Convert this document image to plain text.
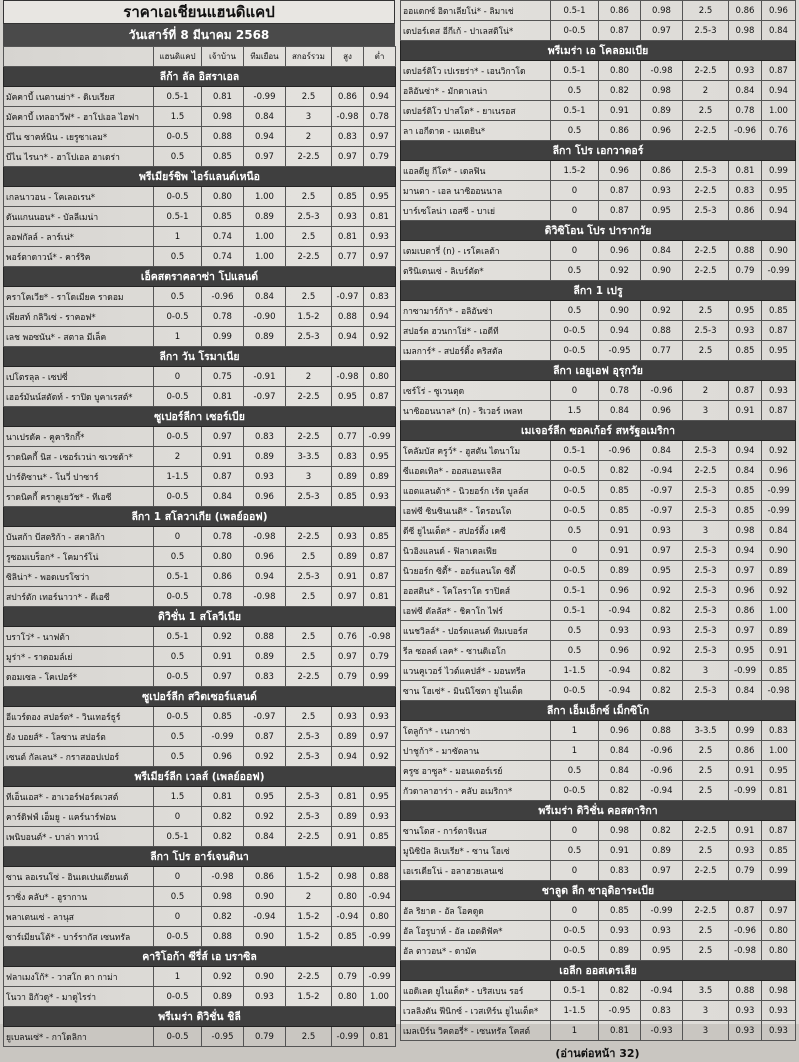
ราคาเอเชียนแฮนดิแคป
วันเสาร์ที่ 8 มีนาคม 2568
	แฮนดิแคป	เจ้าบ้าน	ทีมเยือน	สกอร์รวม	สูง	ต่ำ
ลีก้า ลัล อิสราเอล						
มัคคาบี้ เนตานย่า* - ดิเบเรียส	0.5-1	0.81	-0.99	2.5	0.86	0.94
มัคคาบี้ เทลอาวีฟ* - ฮาโปเอล ไฮฟา	1.5	0.98	0.84	3	-0.98	0.78
บีไน ซาคห์นิน - เยรูซาเลม*	0-0.5	0.88	0.94	2	0.83	0.97
บีไน ไรนา* - ฮาโปเอล ฮาเดร่า	0.5	0.85	0.97	2-2.5	0.97	0.79
พรีเมียร์ชิพ ไอร์แลนด์เหนือ						
เกลนาวอน - โคเลอเรน*	0-0.5	0.80	1.00	2.5	0.85	0.95
ดันแกนนอน* - บัลลีเมน่า	0.5-1	0.85	0.89	2.5-3	0.93	0.81
ลอฟกัลล์ - ลาร์เน่*	1	0.74	1.00	2.5	0.81	0.93
พอร์ตาดาวน์* - คาร์ริค	0.5	0.74	1.00	2-2.5	0.77	0.97
เอ็คสตราคลาซ่า โปแลนด์						
คราโคเวีย* - ราโดเมียค ราดอม	0.5	-0.96	0.84	2.5	-0.97	0.83
เพียสท์ กลิวิเซ่ - ราคอฟ*	0-0.5	0.78	-0.90	1.5-2	0.88	0.94
เลช พอซนัน* - สตาล มีเล็ค	1	0.99	0.89	2.5-3	0.94	0.92
ลีกา วัน โรมาเนีย						
เปโตรลุล - เซปซี่	0	0.75	-0.91	2	-0.98	0.80
เฮอร์มันน์สตัดท์ - ราปิด บูคาเรสต์*	0-0.5	0.81	-0.97	2-2.5	0.95	0.87
ซูเปอร์ลีกา เซอร์เบีย						
นาเปรดัค - คูคาริกกี้*	0-0.5	0.97	0.83	2-2.5	0.77	-0.99
ราดนิคกี้ นิส - เซอร์เวน่า ซเวซด้า*	2	0.91	0.89	3-3.5	0.83	0.95
ปาร์ติซาน* - โนวี่ ปาซาร์	1-1.5	0.87	0.93	3	0.89	0.89
ราดนิคกี้ คราคูเยวัช* - ทีเอซี	0-0.5	0.84	0.96	2.5-3	0.85	0.93
ลีกา 1 สโลวาเกีย (เพลย์ออฟ)						
บันสก้า บีสตริก้า - สคาลิก้า	0	0.78	-0.98	2-2.5	0.93	0.85
รูซอมเบร็อก* - โคมาร์โน่	0.5	0.80	0.96	2.5	0.89	0.87
ซิลิน่า* - พอดเบรโซว่า	0.5-1	0.86	0.94	2.5-3	0.91	0.87
สปาร์ตัก เทอร์นาวา* - ดีเอซี	0-0.5	0.78	-0.98	2.5	0.97	0.81
ดิวิชั่น 1 สโลวีเนีย						
บราโว่* - นาฟต้า	0.5-1	0.92	0.88	2.5	0.76	-0.98
มูร่า* - ราดอมล์เย่	0.5	0.91	0.89	2.5	0.97	0.79
ดอมเซล - โคเปอร์*	0-0.5	0.97	0.83	2-2.5	0.79	0.99
ซูเปอร์ลีก สวิตเซอร์แลนด์						
อีแวร์ดอง สปอร์ต* - วินเทอร์ธูร์	0-0.5	0.85	-0.97	2.5	0.93	0.93
ยัง บอยส์* - โลซาน สปอร์ต	0.5	-0.99	0.87	2.5-3	0.89	0.97
เซนต์ กัลเลน* - กราสฮอปเปอร์	0.5	0.96	0.92	2.5-3	0.94	0.92
พรีเมียร์ลีก เวลส์ (เพลย์ออฟ)						
ทีเอ็นเอส* - ฮาเวอร์ฟอร์ดเวสต์	1.5	0.81	0.95	2.5-3	0.81	0.95
คาร์ดิฟฟ์ เอ็มยู - แคร์นาร์ฟอน	0	0.82	0.92	2.5-3	0.89	0.93
เพนิบอนต์* - บาล่า ทาวน์	0.5-1	0.82	0.84	2-2.5	0.91	0.85
ลีกา โปร อาร์เจนตินา						
ซาน ลอเรนโซ่ - อินเดเปนเดียนเต้	0	-0.98	0.86	1.5-2	0.98	0.88
ราซิ่ง คลับ* - อูรากาน	0.5	0.98	0.90	2	0.80	-0.94
พลาเตนเซ่ - ลานุส	0	0.82	-0.94	1.5-2	-0.94	0.80
ซาร์เมียนโต้* - บาร์รากัส เซนทรัล	0-0.5	0.88	0.90	1.5-2	0.85	-0.99
คาริโอก้า ซีรี่ส์ เอ บราซิล						
ฟลาเมงโก้* - วาสโก ดา กาม่า	1	0.92	0.90	2-2.5	0.79	-0.99
โนวา อิกัวดู* - มาดูไรร่า	0-0.5	0.89	0.93	1.5-2	0.80	1.00
พรีเมร่า ดิวิชั่น ชิลี						
ยูเบลนเซ่* - กาโดลิกา	0-0.5	-0.95	0.79	2.5	-0.99	0.81
ออแดกซ์ อิตาเลียโน่* - ลิมาเช่	0.5-1	0.86	0.98	2.5	0.86	0.96
เดปอร์เตส อีกีเก้ - ปาเลสติโน่*	0-0.5	0.87	0.97	2.5-3	0.98	0.84
พรีเมร่า เอ โคลอมเบีย						
เดปอร์ติโว เปเรยร่า* - เอนวิกาโด	0.5-1	0.80	-0.98	2-2.5	0.93	0.87
อลิอันซ่า* - มักดาเลน่า	0.5	0.82	0.98	2	0.84	0.94
เดปอร์ติโว ปาสโต* - ยาเนรอส	0.5-1	0.91	0.89	2.5	0.78	1.00
ลา เอกีดาด - เมเดยิน*	0.5	0.86	0.96	2-2.5	-0.96	0.76
ลีกา โปร เอกวาดอร์						
แอลดียู กีโต* - เดลฟิน	1.5-2	0.96	0.86	2.5-3	0.81	0.99
มานตา - เอล นาซิออนนาล	0	0.87	0.93	2-2.5	0.83	0.95
บาร์เซโลน่า เอสซี - บาเย่	0	0.87	0.95	2.5-3	0.86	0.94
ดิวิซิโอน โปร ปารากวัย						
เตมเบตารี่ (n) - เรโคเลต้า	0	0.96	0.84	2-2.5	0.88	0.90
ตรินิเดนเซ่ - ลิเบร์ตัด*	0.5	0.92	0.90	2-2.5	0.79	-0.99
ลีกา 1 เปรู						
กาซามาร์ก้า* - อลิอันซ่า	0.5	0.90	0.92	2.5	0.95	0.85
สปอร์ต ฮวนกาโย่* - เอดีที	0-0.5	0.94	0.88	2.5-3	0.93	0.87
เมลการ์* - สปอร์ติ้ง คริสตัล	0-0.5	-0.95	0.77	2.5	0.85	0.95
ลีกา เอยูเอฟ อุรุกวัย						
เซร์โร่ - ซูเวนตุด	0	0.78	-0.96	2	0.87	0.93
นาซิออนนาล* (n) - ริเวอร์ เพลท	1.5	0.84	0.96	3	0.91	0.87
เมเจอร์ลีก ซอคเก้อร์ สหรัฐอเมริกา						
โคลัมบัส ครูว์* - ฮูสตัน ไดนาโม	0.5-1	-0.96	0.84	2.5-3	0.94	0.92
ซีแอตเทิล* - ออสแอนเจลิส	0-0.5	0.82	-0.94	2-2.5	0.84	0.96
แอตแลนต้า* - นิวยอร์ก เร้ด บูลล์ส	0-0.5	0.85	-0.97	2.5-3	0.85	-0.99
เอฟซี ซินซินเนติ* - โตรอนโต	0-0.5	0.85	-0.97	2.5-3	0.85	-0.99
ดีซี ยูไนเต็ด* - สปอร์ติ้ง เคซี	0.5	0.91	0.93	3	0.98	0.84
นิวอิงแลนด์ - ฟิลาเดลเฟีย	0	0.91	0.97	2.5-3	0.94	0.90
นิวยอร์ก ซิตี้* - ออร์แลนโด ซิตี้	0-0.5	0.89	0.95	2.5-3	0.97	0.89
ออสติน* - โคโลราโด ราปิดส์	0.5-1	0.96	0.92	2.5-3	0.96	0.92
เอฟซี ดัลลัส* - ชิคาโก ไฟร์	0.5-1	-0.94	0.82	2.5-3	0.86	1.00
แนชวิลล์* - ปอร์ตแลนด์ ทิมเบอร์ส	0.5	0.93	0.93	2.5-3	0.97	0.89
รีล ซอลต์ เลค* - ซานดิเอโก	0.5	0.96	0.92	2.5-3	0.95	0.91
แวนคูเวอร์ ไวต์แคปส์* - มอนทรีล	1-1.5	-0.94	0.82	3	-0.99	0.85
ซาน โฮเซ่* - มินนิโซตา ยูไนเต็ด	0-0.5	-0.94	0.82	2.5-3	0.84	-0.98
ลีกา เอ็มเอ็กซ์ เม็กซิโก						
โตลูก้า* - เนกาซ่า	1	0.96	0.88	3-3.5	0.99	0.83
ปาชูก้า* - มาซัตลาน	1	0.84	-0.96	2.5	0.86	1.00
ครูซ อาซูล* - มอนเตอร์เรย์	0.5	0.84	-0.96	2.5	0.91	0.95
กัวดาลาฮาร่า - คลับ อเมริกา*	0-0.5	0.82	-0.94	2.5	-0.99	0.81
พรีเมร่า ดิวิชั่น คอสตาริกา						
ซานโตส - การ์ตาจิเนส	0	0.98	0.82	2-2.5	0.91	0.87
มูนิซิปัล ลิเบเรีย* - ซาน โฮเซ่	0.5	0.91	0.89	2.5	0.93	0.85
เอเรเดียโน่ - อลาฮวยเลนเซ่	0	0.83	0.97	2-2.5	0.79	0.99
ชาลูด ลีก ซาอุดิอาระเบีย						
อัล ริยาด - อัล โอคดูด	0	0.85	-0.99	2-2.5	0.87	0.97
อัล โอรูบาห์ - อัล เอตติฟัค*	0-0.5	0.93	0.93	2.5	-0.96	0.80
อัล ตาวอน* - ดามัค	0-0.5	0.89	0.95	2.5	-0.98	0.80
เอลีก ออสเตรเลีย						
แอดิเลด ยูไนเต็ด* - บริสเบน รอร์	0.5-1	0.82	-0.94	3.5	0.88	0.98
เวลลิงตัน ฟีนิกซ์ - เวสเทิร์น ยูไนเต็ด*	1-1.5	-0.95	0.83	3	0.93	0.93
เมลเบิร์น วิคตอรี่* - เซนทรัล โคสต์	1	0.81	-0.93	3	0.93	0.93
(อ่านต่อหน้า 32)
